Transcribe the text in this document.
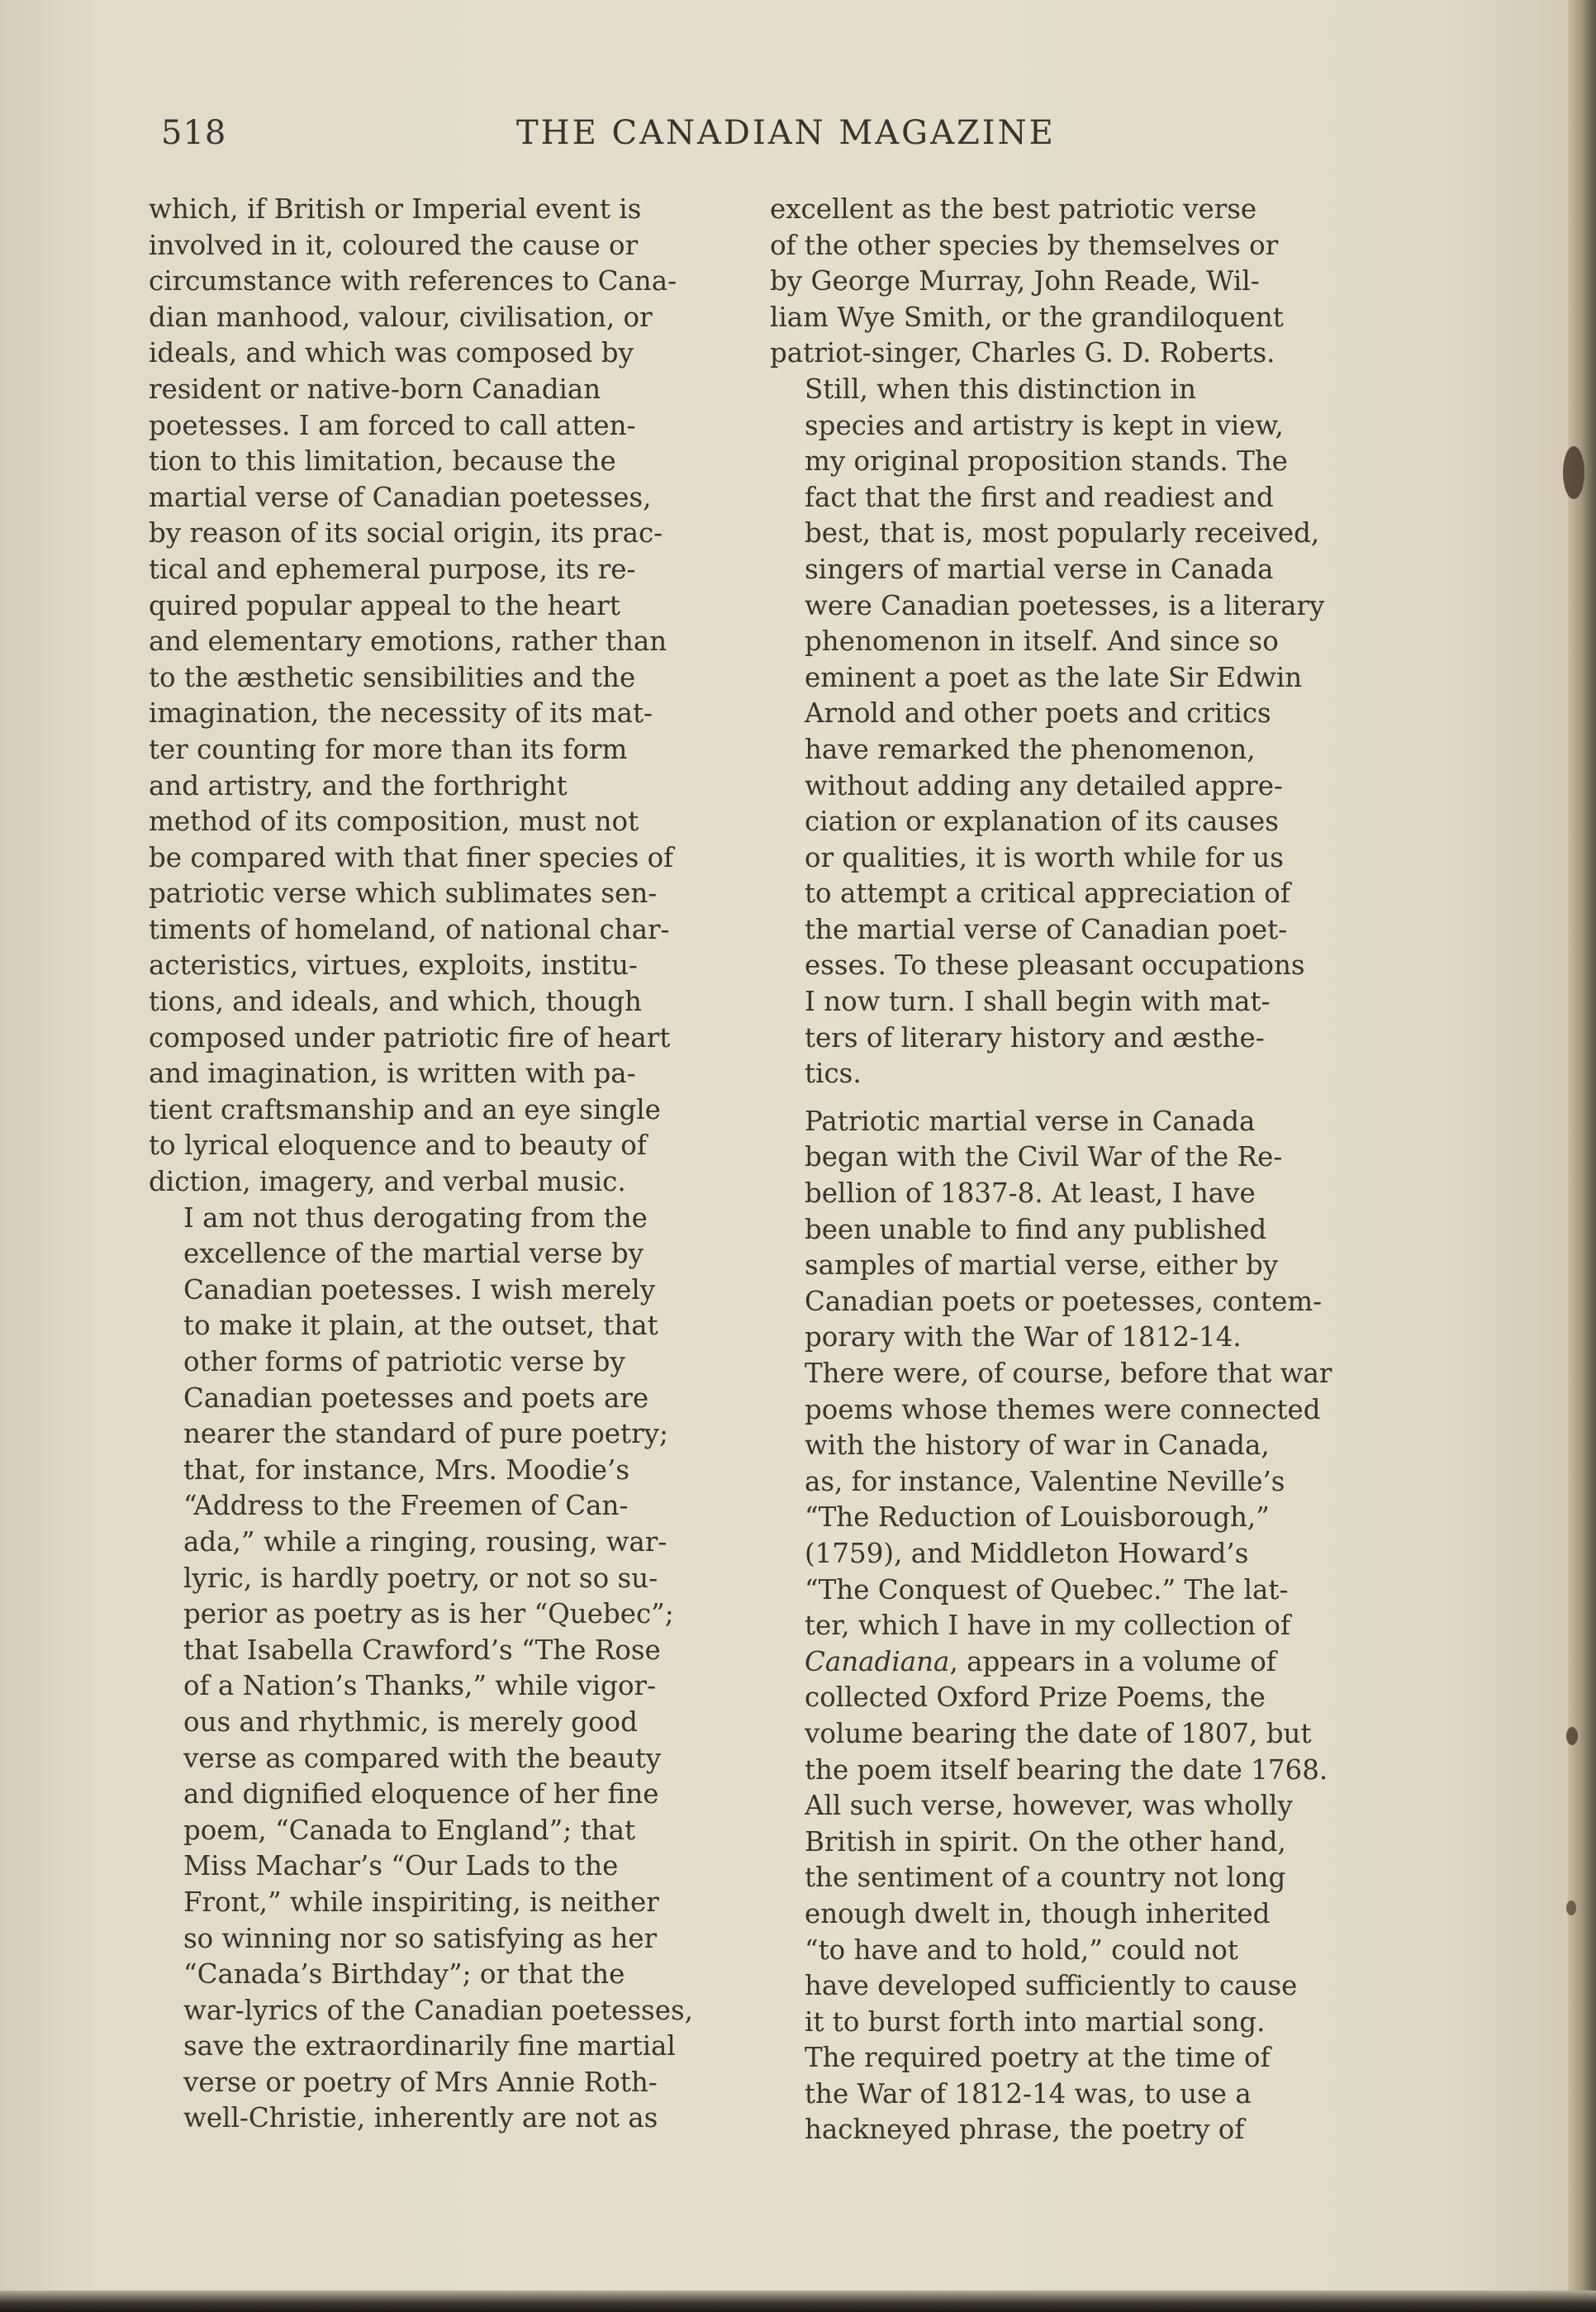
518	THE CANADIAN MAGAZINE

which, if British or Imperial event is
involved in it, coloured the cause or
circumstance with references to Cana-
dian manhood, valour, civilisation, or
ideals, and which was composed by
resident or native-born Canadian
poetesses. I am forced to call atten-
tion to this limitation, because the
martial verse of Canadian poetesses,
by reason of its social origin, its prac-
tical and ephemeral purpose, its re-
quired popular appeal to the heart
and elementary emotions, rather than
to the æsthetic sensibilities and the
imagination, the necessity of its mat-
ter counting for more than its form
and artistry, and the forthright
method of its composition, must not
be compared with that finer species of
patriotic verse which sublimates sen-
timents of homeland, of national char-
acteristics, virtues, exploits, institu-
tions, and ideals, and which, though
composed under patriotic fire of heart
and imagination, is written with pa-
tient craftsmanship and an eye single
to lyrical eloquence and to beauty of
diction, imagery, and verbal music.

I am not thus derogating from the
excellence of the martial verse by
Canadian poetesses. I wish merely
to make it plain, at the outset, that
other forms of patriotic verse by
Canadian poetesses and poets are
nearer the standard of pure poetry;
that, for instance, Mrs. Moodie’s
“Address to the Freemen of Can-
ada,” while a ringing, rousing, war-
lyric, is hardly poetry, or not so su-
perior as poetry as is her “Quebec”;
that Isabella Crawford’s “The Rose
of a Nation’s Thanks,” while vigor-
ous and rhythmic, is merely good
verse as compared with the beauty
and dignified eloquence of her fine
poem, “Canada to England”; that
Miss Machar’s “Our Lads to the
Front,” while inspiriting, is neither
so winning nor so satisfying as her
“Canada’s Birthday”; or that the
war-lyrics of the Canadian poetesses,
save the extraordinarily fine martial
verse or poetry of Mrs Annie Roth-
well-Christie, inherently are not as

excellent as the best patriotic verse
of the other species by themselves or
by George Murray, John Reade, Wil-
liam Wye Smith, or the grandiloquent
patriot-singer, Charles G. D. Roberts.

Still, when this distinction in
species and artistry is kept in view,
my original proposition stands. The
fact that the first and readiest and
best, that is, most popularly received,
singers of martial verse in Canada
were Canadian poetesses, is a literary
phenomenon in itself. And since so
eminent a poet as the late Sir Edwin
Arnold and other poets and critics
have remarked the phenomenon,
without adding any detailed appre-
ciation or explanation of its causes
or qualities, it is worth while for us
to attempt a critical appreciation of
the martial verse of Canadian poet-
esses. To these pleasant occupations
I now turn. I shall begin with mat-
ters of literary history and æsthe-
tics.

Patriotic martial verse in Canada
began with the Civil War of the Re-
bellion of 1837-8. At least, I have
been unable to find any published
samples of martial verse, either by
Canadian poets or poetesses, contem-
porary with the War of 1812-14.
There were, of course, before that war
poems whose themes were connected
with the history of war in Canada,
as, for instance, Valentine Neville’s
“The Reduction of Louisborough,”
(1759), and Middleton Howard’s
“The Conquest of Quebec.” The lat-
ter, which I have in my collection of
Canadiana, appears in a volume of
collected Oxford Prize Poems, the
volume bearing the date of 1807, but
the poem itself bearing the date 1768.
All such verse, however, was wholly
British in spirit. On the other hand,
the sentiment of a country not long
enough dwelt in, though inherited
“to have and to hold,” could not
have developed sufficiently to cause
it to burst forth into martial song.
The required poetry at the time of
the War of 1812-14 was, to use a
hackneyed phrase, the poetry of
